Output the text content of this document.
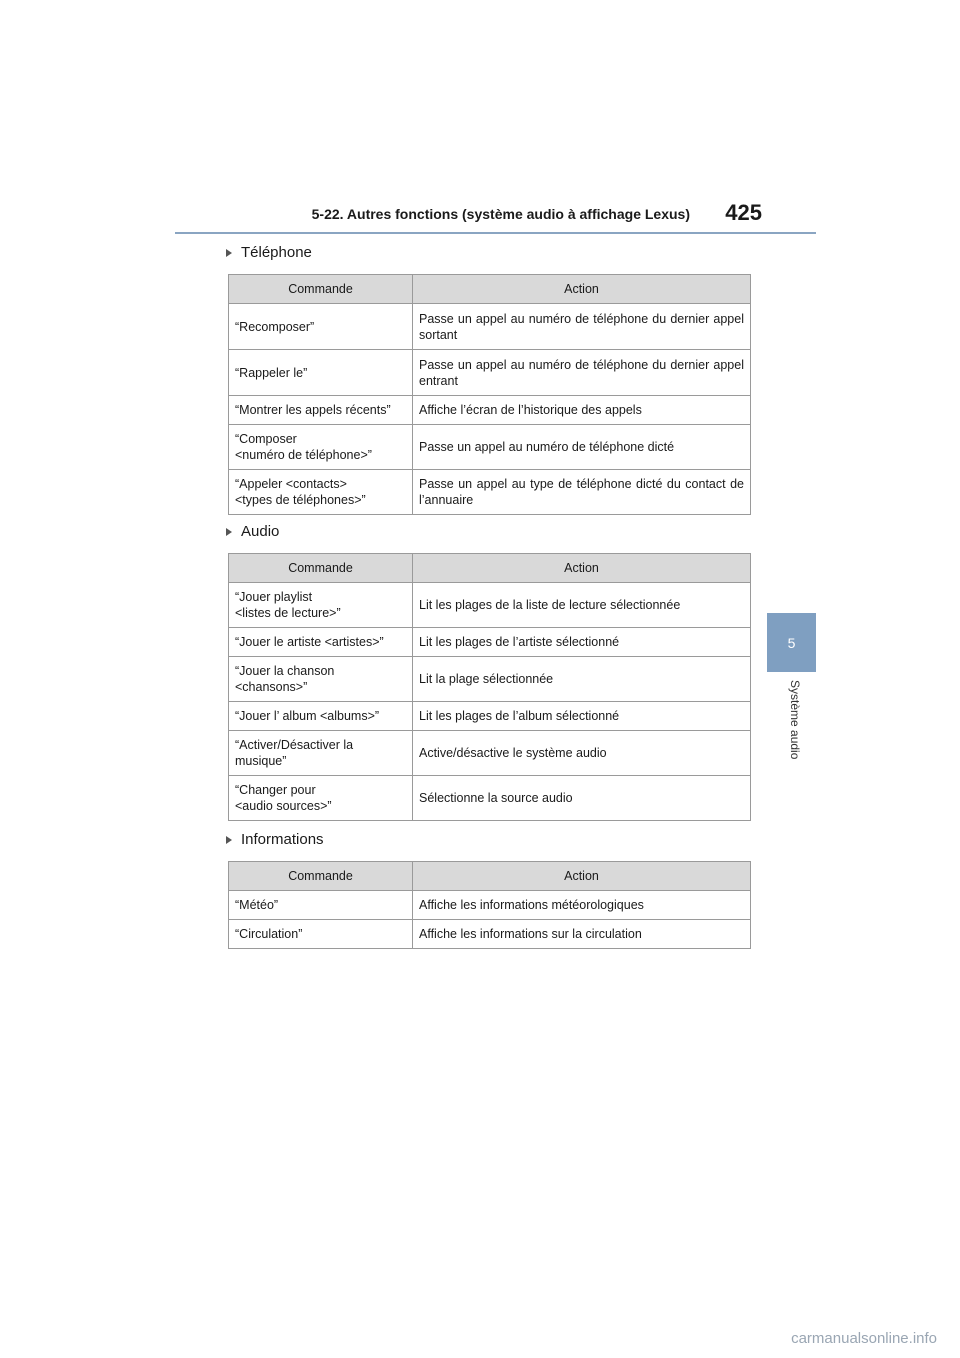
5-22. Autres fonctions (système audio à affichage Lexus)	425
5
Système audio
Téléphone
Commande	Action
“Recomposer”	Passe un appel au numéro de téléphone du dernier appel sortant
“Rappeler le”	Passe un appel au numéro de téléphone du dernier appel entrant
“Montrer les appels récents”	Affiche l’écran de l’historique des appels
“Composer
<numéro de téléphone>”	Passe un appel au numéro de téléphone dicté
“Appeler <contacts>
<types de téléphones>”	Passe un appel au type de téléphone dicté du contact de l’annuaire
Audio
Commande	Action
“Jouer playlist
<listes de lecture>”	Lit les plages de la liste de lecture sélectionnée
“Jouer le artiste <artistes>”	Lit les plages de l’artiste sélectionné
“Jouer la chanson
<chansons>”	Lit la plage sélectionnée
“Jouer l’ album <albums>”	Lit les plages de l’album sélectionné
“Activer/Désactiver la
musique”	Active/désactive le système audio
“Changer pour
<audio sources>”	Sélectionne la source audio
Informations
Commande	Action
“Météo”	Affiche les informations météorologiques
“Circulation”	Affiche les informations sur la circulation
carmanualsonline.info
